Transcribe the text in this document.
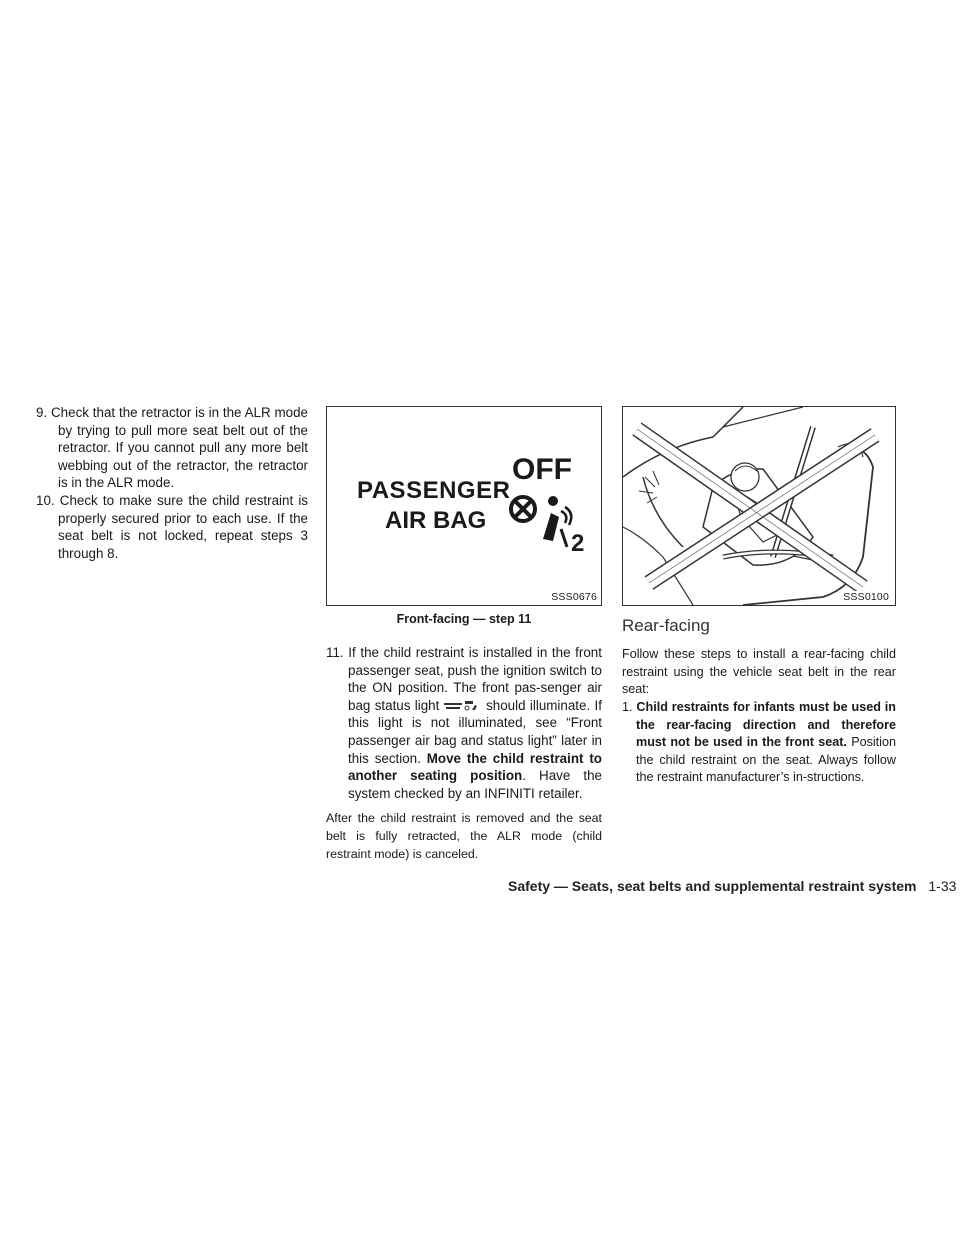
9. Check that the retractor is in the ALR mode by trying to pull more seat belt out of the retractor. If you cannot pull any more belt webbing out of the retractor, the retractor is in the ALR mode.

10. Check to make sure the child restraint is properly secured prior to each use. If the seat belt is not locked, repeat steps 3 through 8.

PASSENGER
AIR BAG
OFF
2
SSS0676
Front-facing — step 11

11. If the child restraint is installed in the front passenger seat, push the ignition switch to the ON position. The front pas-senger air bag status light	should illuminate. If this light is not illuminated, see “Front passenger air bag and status light” later in this section. Move the child restraint to another seating position. Have the system checked by an INFINITI retailer.

After the child restraint is removed and the seat belt is fully retracted, the ALR mode (child restraint mode) is canceled.

SSS0100
Rear-facing
Follow these steps to install a rear-facing child restraint using the vehicle seat belt in the rear seat:

1. Child restraints for infants must be used in the rear-facing direction and therefore must not be used in the front seat. Position the child restraint on the seat. Always follow the restraint manufacturer’s in-structions.

Safety — Seats, seat belts and supplemental restraint system 1-33
